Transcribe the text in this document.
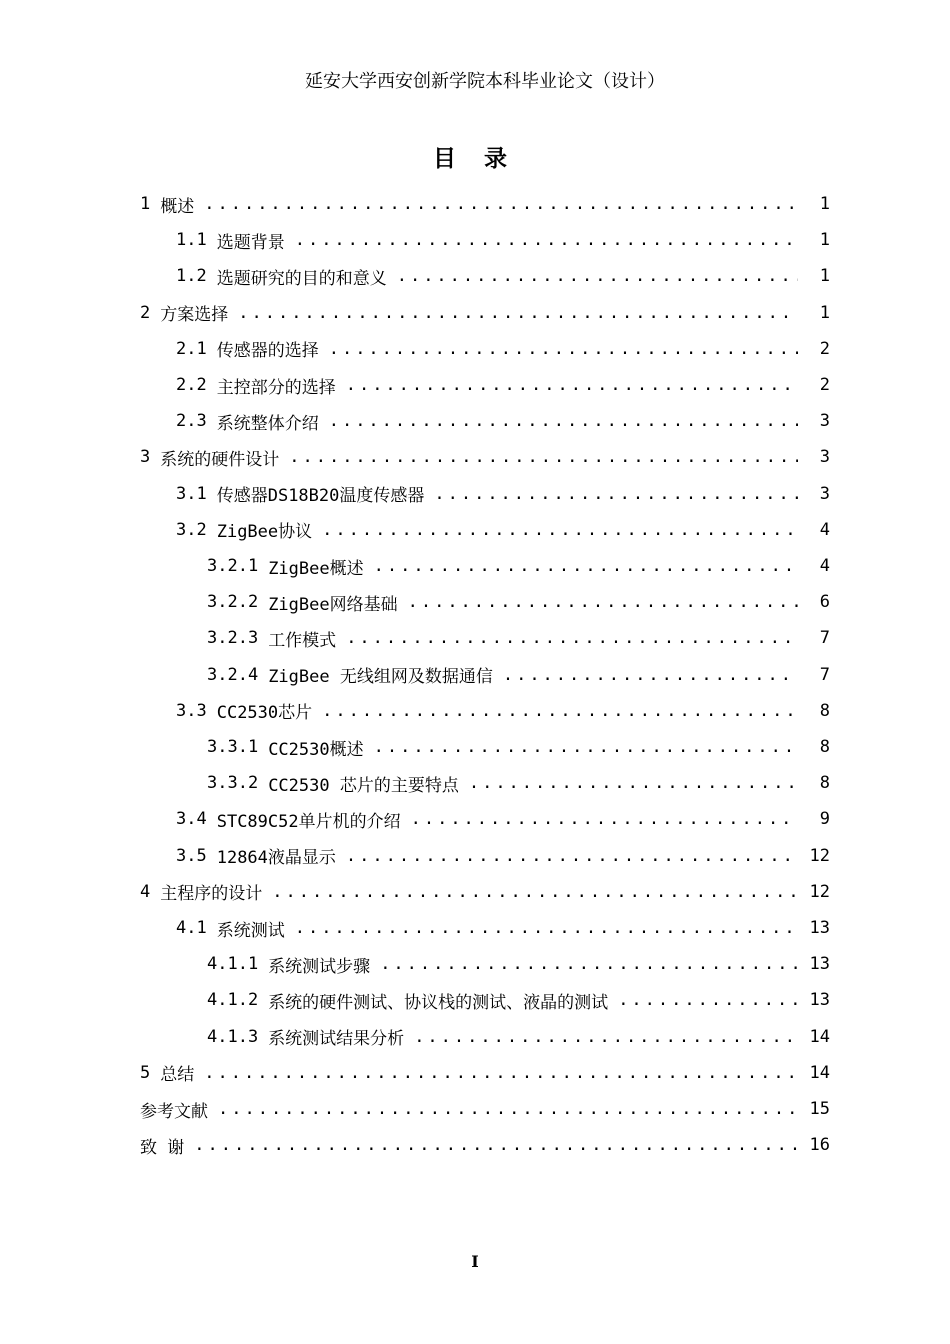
延安大学西安创新学院本科毕业论文（设计）
目 录
1 概述 .....	1
1.1 选题背景 .....	1
1.2 选题研究的目的和意义 .....	1
2 方案选择 .....	1
2.1 传感器的选择 .....	2
2.2 主控部分的选择 .....	2
2.3 系统整体介绍 .....	3
3 系统的硬件设计 .....	3
3.1 传感器DS18B20温度传感器 .....	3
3.2 ZigBee协议 .....	4
3.2.1 ZigBee概述 .....	4
3.2.2 ZigBee网络基础 .....	6
3.2.3 工作模式 .....	7
3.2.4 ZigBee 无线组网及数据通信 .....	7
3.3 CC2530芯片 .....	8
3.3.1 CC2530概述 .....	8
3.3.2 CC2530 芯片的主要特点 .....	8
3.4 STC89C52单片机的介绍 .....	9
3.5 12864液晶显示 .....	12
4 主程序的设计 .....	12
4.1 系统测试 .....	13
4.1.1 系统测试步骤 .....	13
4.1.2 系统的硬件测试、协议栈的测试、液晶的测试 .....	13
4.1.3 系统测试结果分析 .....	14
5 总结 .....	14
参考文献 .....	15
致 谢 .....	16
I
